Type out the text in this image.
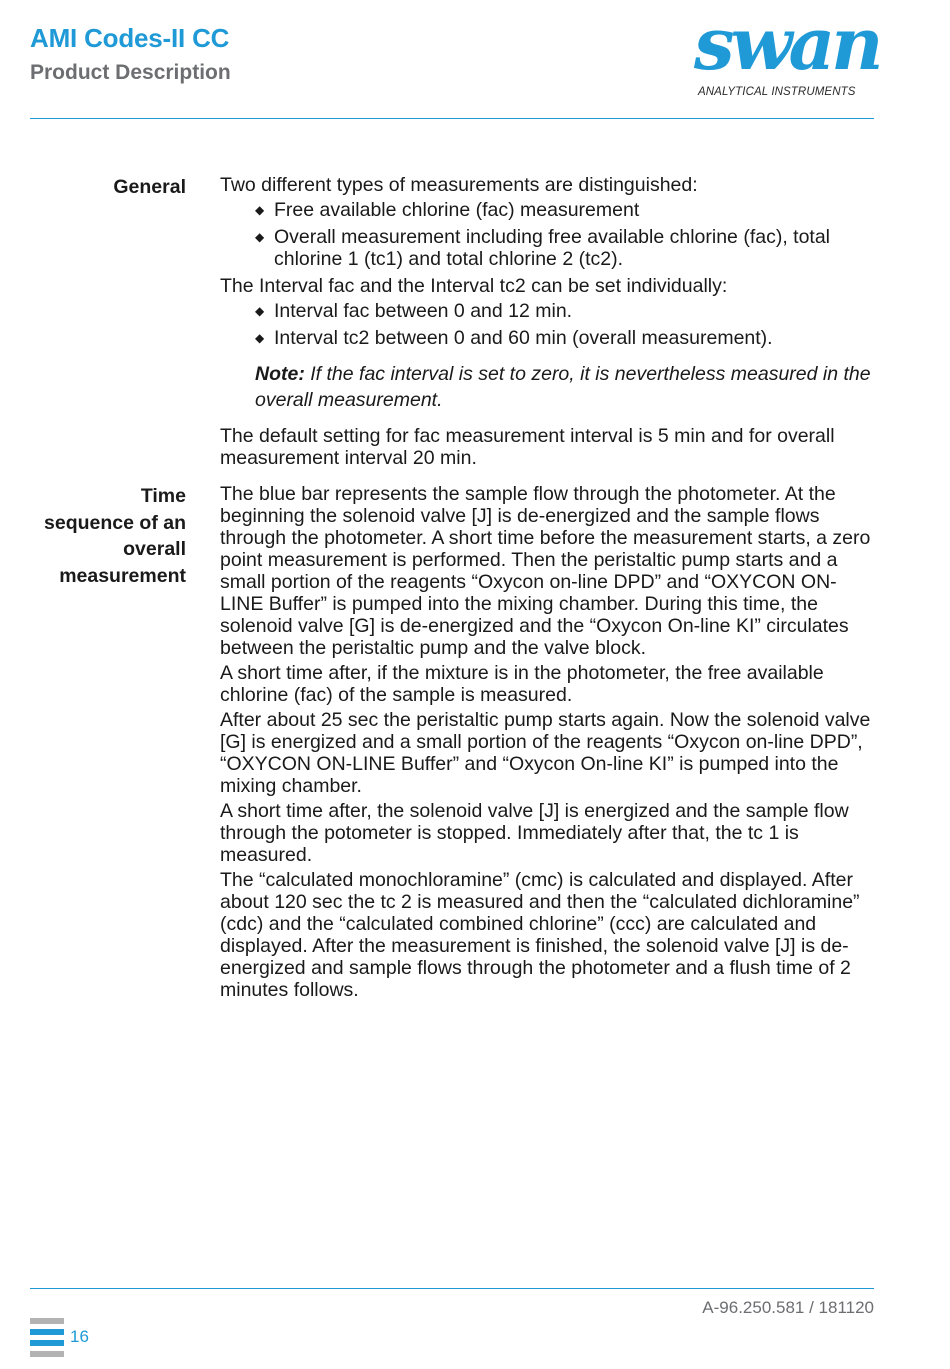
AMI Codes-II CC
Product Description	swan
ANALYTICAL INSTRUMENTS
General Two different types of measurements are distinguished:

◆ Free available chlorine (fac) measurement
◆ Overall measurement including free available chlorine (fac), total chlorine 1 (tc1) and total chlorine 2 (tc2).

The Interval fac and the Interval tc2 can be set individually:

◆ Interval fac between 0 and 12 min.
◆ Interval tc2 between 0 and 60 min (overall measurement).
Note: If the fac interval is set to zero, it is nevertheless measured in the overall measurement.

The default setting for fac measurement interval is 5 min and for overall measurement interval 20 min.

Time
sequence of an
overall
measurement

The blue bar represents the sample flow through the photometer. At the beginning the solenoid valve [J] is de-energized and the sample flows through the photometer. A short time before the measurement starts, a zero point measurement is performed. Then the peristaltic pump starts and a small portion of the reagents “Oxycon on-line DPD” and “OXYCON ON-LINE Buffer” is pumped into the mixing chamber. During this time, the solenoid valve [G] is de-energized and the “Oxycon On-line KI” circulates between the peristaltic pump and the valve block.

A short time after, if the mixture is in the photometer, the free available chlorine (fac) of the sample is measured.

After about 25 sec the peristaltic pump starts again. Now the solenoid valve [G] is energized and a small portion of the reagents “Oxycon on-line DPD”, “OXYCON ON-LINE Buffer” and “Oxycon On-line KI” is pumped into the mixing chamber.

A short time after, the solenoid valve [J] is energized and the sample flow through the potometer is stopped. Immediately after that, the tc 1 is measured.

The “calculated monochloramine” (cmc) is calculated and displayed. After about 120 sec the tc 2 is measured and then the “calculated dichloramine” (cdc) and the “calculated combined chlorine” (ccc) are calculated and displayed. After the measurement is finished, the solenoid valve [J] is de-energized and sample flows through the photometer and a flush time of 2 minutes follows.

A-96.250.581 / 181120
16
